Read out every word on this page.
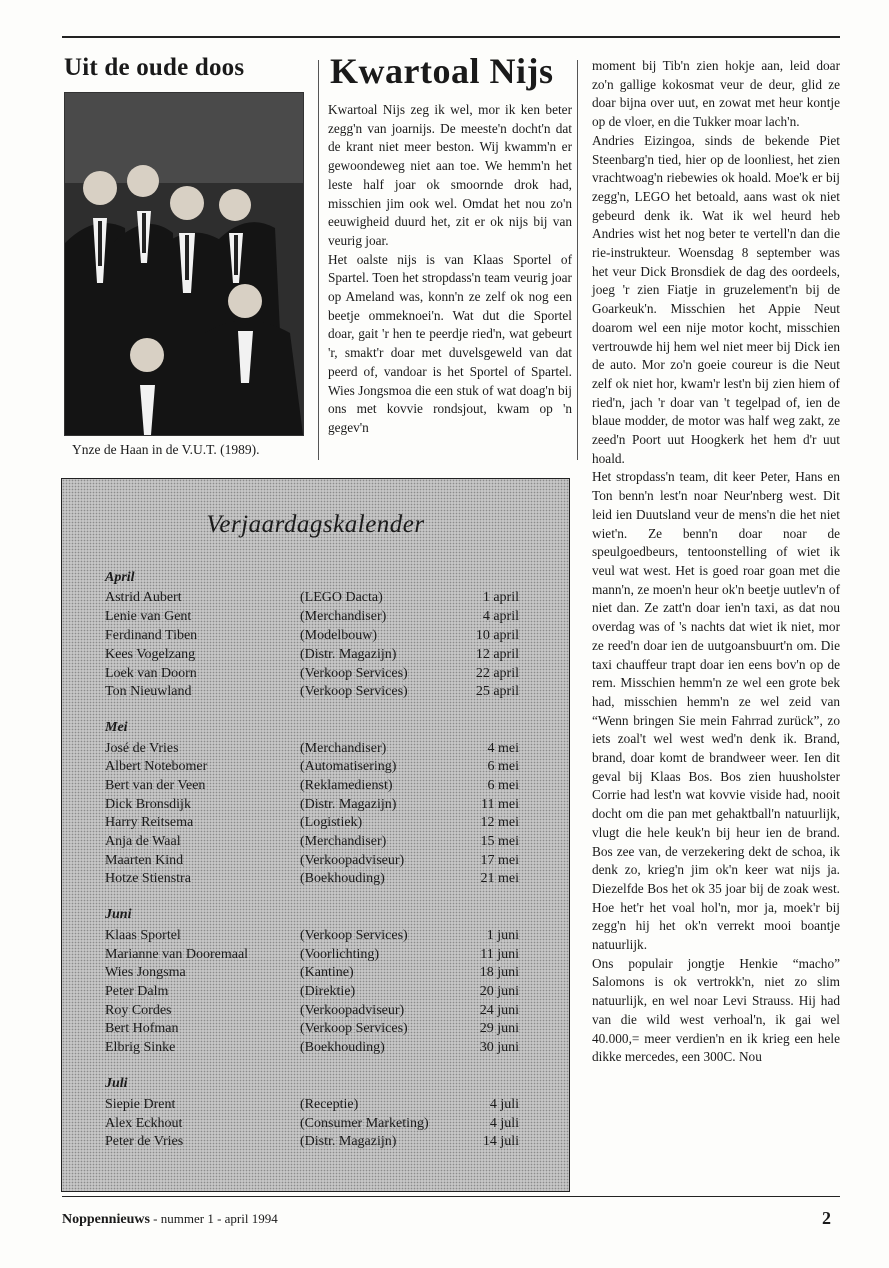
Uit de oude doos
Ynze de Haan in de V.U.T. (1989).
Kwartoal Nijs

Kwartoal Nijs zeg ik wel, mor ik ken beter zegg'n van joarnijs. De meeste'n docht'n dat de krant niet meer beston. Wij kwamm'n er gewoondeweg niet aan toe. We hemm'n het leste half joar ok smoornde drok had, misschien jim ook wel. Omdat het nou zo'n eeuwigheid duurd het, zit er ok nijs bij van veurig joar.

Het oalste nijs is van Klaas Sportel of Spartel. Toen het stropdass'n team veurig joar op Ameland was, konn'n ze zelf ok nog een beetje ommeknoei'n. Wat dut die Sportel doar, gait 'r hen te peerdje ried'n, wat gebeurt 'r, smakt'r doar met duvelsgeweld van dat peerd of, vandoar is het Sportel of Spartel. Wies Jongsmoa die een stuk of wat doag'n bij ons met kovvie rondsjout, kwam op 'n gegev'n

moment bij Tib'n zien hokje aan, leid doar zo'n gallige kokosmat veur de deur, glid ze doar bijna over uut, en zowat met heur kontje op de vloer, en die Tukker moar lach'n.

Andries Eizingoa, sinds de bekende Piet Steenbarg'n tied, hier op de loonliest, het zien vrachtwoag'n riebewies ok hoald. Moe'k er bij zegg'n, LEGO het betoald, aans wast ok niet gebeurd denk ik. Wat ik wel heurd heb Andries wist het nog beter te vertell'n dan die rie-instrukteur. Woensdag 8 september was het veur Dick Bronsdiek de dag des oordeels, joeg 'r zien Fiatje in gruzelement'n bij de Goarkeuk'n. Misschien het Appie Neut doarom wel een nije motor kocht, misschien vertrouwde hij hem wel niet meer bij Dick ien de auto. Mor zo'n goeie coureur is die Neut zelf ok niet hor, kwam'r lest'n bij zien hiem of ried'n, jach 'r doar van 't tegelpad of, ien de blaue modder, de motor was half weg zakt, ze zeed'n Poort uut Hoogkerk het hem d'r uut hoald.

Het stropdass'n team, dit keer Peter, Hans en Ton benn'n lest'n noar Neur'nberg west. Dit leid ien Duutsland veur de mens'n die het niet wiet'n. Ze benn'n doar noar de speulgoedbeurs, tentoonstelling of wiet ik veul wat west. Het is goed roar goan met die mann'n, ze moen'n heur ok'n beetje uutlev'n of niet dan. Ze zatt'n doar ien'n taxi, as dat nou overdag was of 's nachts dat wiet ik niet, mor ze reed'n doar ien de uutgoansbuurt'n om. Die taxi chauffeur trapt doar ien eens bov'n op de rem. Misschien hemm'n ze wel een grote bek had, misschien hemm'n ze wel zeid van “Wenn bringen Sie mein Fahrrad zurück”, zo iets zoal't wel west wed'n denk ik. Brand, brand, doar komt de brandweer weer. Ien dit geval bij Klaas Bos. Bos zien huusholster Corrie had lest'n wat kovvie viside had, nooit docht om die pan met gehaktball'n natuurlijk, vlugt die hele keuk'n bij heur ien de brand. Bos zee van, de verzekering dekt de schoa, ik denk zo, krieg'n jim ok'n keer wat nijs ja. Diezelfde Bos het ok 35 joar bij de zoak west. Hoe het'r het voal hol'n, mor ja, moek'r bij zegg'n hij het ok'n verrekt mooi boantje natuurlijk.

Ons populair jongtje Henkie “macho” Salomons is ok vertrokk'n, niet zo slim natuurlijk, en wel noar Levi Strauss. Hij had van die wild west verhoal'n, ik gai wel 40.000,= meer verdien'n en ik krieg een hele dikke mercedes, een 300C. Nou

Verjaardagskalender
April
Astrid Aubert	(LEGO Dacta)	1 april
Lenie van Gent	(Merchandiser)	4 april
Ferdinand Tiben	(Modelbouw)	10 april
Kees Vogelzang	(Distr. Magazijn)	12 april
Loek van Doorn	(Verkoop Services)	22 april
Ton Nieuwland	(Verkoop Services)	25 april
Mei
José de Vries	(Merchandiser)	4 mei
Albert Notebomer	(Automatisering)	6 mei
Bert van der Veen	(Reklamedienst)	6 mei
Dick Bronsdijk	(Distr. Magazijn)	11 mei
Harry Reitsema	(Logistiek)	12 mei
Anja de Waal	(Merchandiser)	15 mei
Maarten Kind	(Verkoopadviseur)	17 mei
Hotze Stienstra	(Boekhouding)	21 mei
Juni
Klaas Sportel	(Verkoop Services)	1 juni
Marianne van Dooremaal	(Voorlichting)	11 juni
Wies Jongsma	(Kantine)	18 juni
Peter Dalm	(Direktie)	20 juni
Roy Cordes	(Verkoopadviseur)	24 juni
Bert Hofman	(Verkoop Services)	29 juni
Elbrig Sinke	(Boekhouding)	30 juni
Juli
Siepie Drent	(Receptie)	4 juli
Alex Eckhout	(Consumer Marketing)	4 juli
Peter de Vries	(Distr. Magazijn)	14 juli
Noppennieuws - nummer 1 - april 1994	2
